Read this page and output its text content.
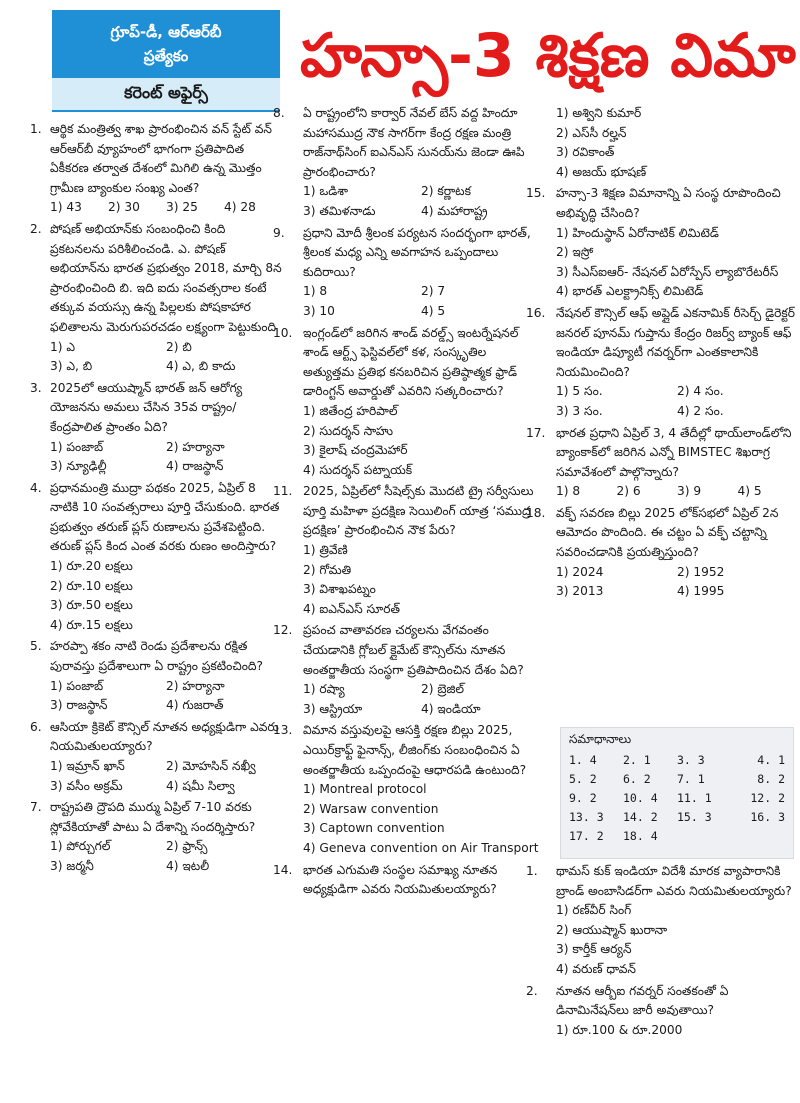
గ్రూప్-డీ, ఆర్ఆర్‌బీ
ప్రత్యేకం
కరెంట్ అఫైర్స్
హన్సా-3 శిక్షణ విమా
1. ఆర్థిక మంత్రిత్వ శాఖ ప్రారంభించిన వన్ స్టేట్ వన్ ఆర్ఆర్‌బీ వ్యూహంలో భాగంగా ప్రతిపాదిత ఏకీకరణ తర్వాత దేశంలో మిగిలి ఉన్న మొత్తం గ్రామీణ బ్యాంకుల సంఖ్య ఎంత?
1) 43	2) 30	3) 25	4) 28
2. పోషణ్ అభియాన్‌కు సంబంధించి కింది ప్రకటనలను పరిశీలించండి. ఎ. పోషణ్ అభియాన్‌ను భారత ప్రభుత్వం 2018, మార్చి 8న ప్రారంభించింది బి. ఇది ఐదు సంవత్సరాల కంటే తక్కువ వయస్సు ఉన్న పిల్లలకు పోషకాహార ఫలితాలను మెరుగుపరచడం లక్ష్యంగా పెట్టుకుంది
1) ఎ	2) బి
3) ఎ, బి	4) ఎ, బి కాదు
3. 2025లో ఆయుష్మాన్ భారత్ జన్ ఆరోగ్య యోజనను అమలు చేసిన 35వ రాష్ట్రం/ కేంద్రపాలిత ప్రాంతం ఏది?
1) పంజాబ్	2) హర్యానా
3) న్యూఢిల్లీ	4) రాజస్థాన్
4. ప్రధానమంత్రి ముద్రా పథకం 2025, ఏప్రిల్ 8 నాటికి 10 సంవత్సరాలు పూర్తి చేసుకుంది. భారత ప్రభుత్వం తరుణ్ ప్లస్ రుణాలను ప్రవేశపెట్టింది. తరుణ్ ప్లస్ కింద ఎంత వరకు రుణం అందిస్తారు?
1) రూ.20 లక్షలు
2) రూ.10 లక్షలు
3) రూ.50 లక్షలు
4) రూ.15 లక్షలు
5. హరప్పా శకం నాటి రెండు ప్రదేశాలను రక్షిత పురావస్తు ప్రదేశాలుగా ఏ రాష్ట్రం ప్రకటించింది?
1) పంజాబ్	2) హర్యానా
3) రాజస్థాన్	4) గుజరాత్
6. ఆసియా క్రికెట్ కౌన్సిల్ నూతన అధ్యక్షుడిగా ఎవరు నియమితులయ్యారు?
1) ఇమ్రాన్ ఖాన్	2) మోహసిన్ నఖ్వీ
3) వసీం అక్రమ్	4) షమీ సిల్వా
7. రాష్ట్రపతి ద్రౌపది ముర్ము ఏప్రిల్ 7-10 వరకు స్లోవేకియాతో పాటు ఏ దేశాన్ని సందర్శిస్తారు?
1) పోర్చుగల్	2) ఫ్రాన్స్
3) జర్మనీ	4) ఇటలీ
8.	ఏ రాష్ట్రంలోని కార్వార్ నేవల్ బేస్ వద్ద హిందూ మహాసముద్ర నౌక సాగర్‌గా కేంద్ర రక్షణ మంత్రి రాజ్‌నాథ్‌సింగ్ ఐఎన్ఎస్ సునయ్‌ను జెండా ఊపి ప్రారంభించారు?
1) ఒడిశా	2) కర్ణాటక
3) తమిళనాడు	4) మహారాష్ట్ర
9.	ప్రధాని మోదీ శ్రీలంక పర్యటన సందర్భంగా భారత్, శ్రీలంక మధ్య ఎన్ని అవగాహన ఒప్పందాలు కుదిరాయి?
1) 8	2) 7
3) 10	4) 5
10. ఇంగ్లండ్‌లో జరిగిన శాండ్ వరల్డ్స్ ఇంటర్నేషనల్ శాండ్ ఆర్ట్స్ ఫెస్టివల్‌లో కళ, సంస్కృతిల అత్యుత్తమ ప్రతిభ కనబరిచిన ప్రతిష్ఠాత్మక ఫ్రాడ్ డారింగ్టన్ అవార్డుతో ఎవరిని సత్కరించారు?
1) జితేంద్ర హరిపాల్
2) సుదర్శన్ సాహు
3) కైలాష్ చంద్రమెహార్
4) సుదర్శన్ పట్నాయక్
11. 2025, ఏప్రిల్‌లో సీషెల్స్‌కు మొదటి ట్రై సర్వీసులు పూర్తి మహిళా ప్రదక్షిణ సెయిలింగ్ యాత్ర ‘సముద్ర ప్రదక్షిణ’ ప్రారంభించిన నౌక పేరు?
1) త్రివేణి
2) గోమతి
3) విశాఖపట్నం
4) ఐఎన్ఎస్ సూరత్
12. ప్రపంచ వాతావరణ చర్యలను వేగవంతం చేయడానికి గ్లోబల్ క్లైమేట్ కౌన్సిల్‌ను నూతన అంతర్జాతీయ సంస్థగా ప్రతిపాదించిన దేశం ఏది?
1) రష్యా	2) బ్రెజిల్
3) ఆస్ట్రియా	4) ఇండియా
13. విమాన వస్తువులపై ఆసక్తి రక్షణ బిల్లు 2025, ఎయిర్‌క్రాఫ్ట్ ఫైనాన్స్, లీజింగ్‌కు సంబంధించిన ఏ అంతర్జాతీయ ఒప్పందంపై ఆధారపడి ఉంటుంది?
1) Montreal protocol
2) Warsaw convention
3) Captown convention
4) Geneva convention on Air Transport
14. భారత ఎగుమతి సంస్థల సమాఖ్య నూతన అధ్యక్షుడిగా ఎవరు నియమితులయ్యారు?
1) అశ్విని కుమార్
2) ఎస్‌సీ రల్హన్
3) రవికాంత్
4) అజయ్ భూషణ్
15. హన్సా-3 శిక్షణ విమానాన్ని ఏ సంస్థ రూపొందించి అభివృద్ధి చేసింది?
1) హిందుస్థాన్ ఏరోనాటిక్ లిమిటెడ్
2) ఇస్రో
3) సీఎస్ఐఆర్- నేషనల్ ఏరోస్పేస్ ల్యాబొరేటరీస్
4) భారత్ ఎలక్ట్రానిక్స్ లిమిటెడ్
16. నేషనల్ కౌన్సిల్ ఆఫ్ అప్లైడ్ ఎకనామిక్ రీసెర్చ్ డైరెక్టర్ జనరల్ పూనమ్ గుప్తాను కేంద్రం రిజర్వ్ బ్యాంక్ ఆఫ్ ఇండియా డిప్యూటీ గవర్నర్‌గా ఎంతకాలానికి నియమించింది?
1) 5 సం.	2) 4 సం.
3) 3 సం.	4) 2 సం.
17. భారత ప్రధాని ఏప్రిల్ 3, 4 తేదీల్లో థాయ్‌లాండ్‌లోని బ్యాంకాక్‌లో జరిగిన ఎన్నో BIMSTEC శిఖరాగ్ర సమావేశంలో పాల్గొన్నారు?
1) 8	2) 6	3) 9	4) 5
18. వక్ఫ్ సవరణ బిల్లు 2025 లోక్‌సభలో ఏప్రిల్ 2న ఆమోదం పొందింది. ఈ చట్టం ఏ వక్ఫ్ చట్టాన్ని సవరించడానికి ప్రయత్నిస్తుంది?
1) 2024	2) 1952
3) 2013	4) 1995
సమాధానాలు
1. 4	2. 1	3. 3	4. 1
5. 2	6. 2	7. 1	8. 2
9. 2	10. 4	11. 1	12. 2
13. 3	14. 2	15. 3	16. 3
17. 2	18. 4
1.	థామస్ కుక్ ఇండియా విదేశీ మారక వ్యాపారానికి బ్రాండ్ అంబాసిడర్‌గా ఎవరు నియమితులయ్యారు?
1) రణ్‌వీర్ సింగ్
2) ఆయుష్మాన్ ఖురానా
3) కార్తీక్ ఆర్యన్
4) వరుణ్ ధావన్
2.	నూతన ఆర్బీఐ గవర్నర్ సంతకంతో ఏ డినామినేషన్‌లు జారీ అవుతాయి?
1) రూ.100 & రూ.2000
